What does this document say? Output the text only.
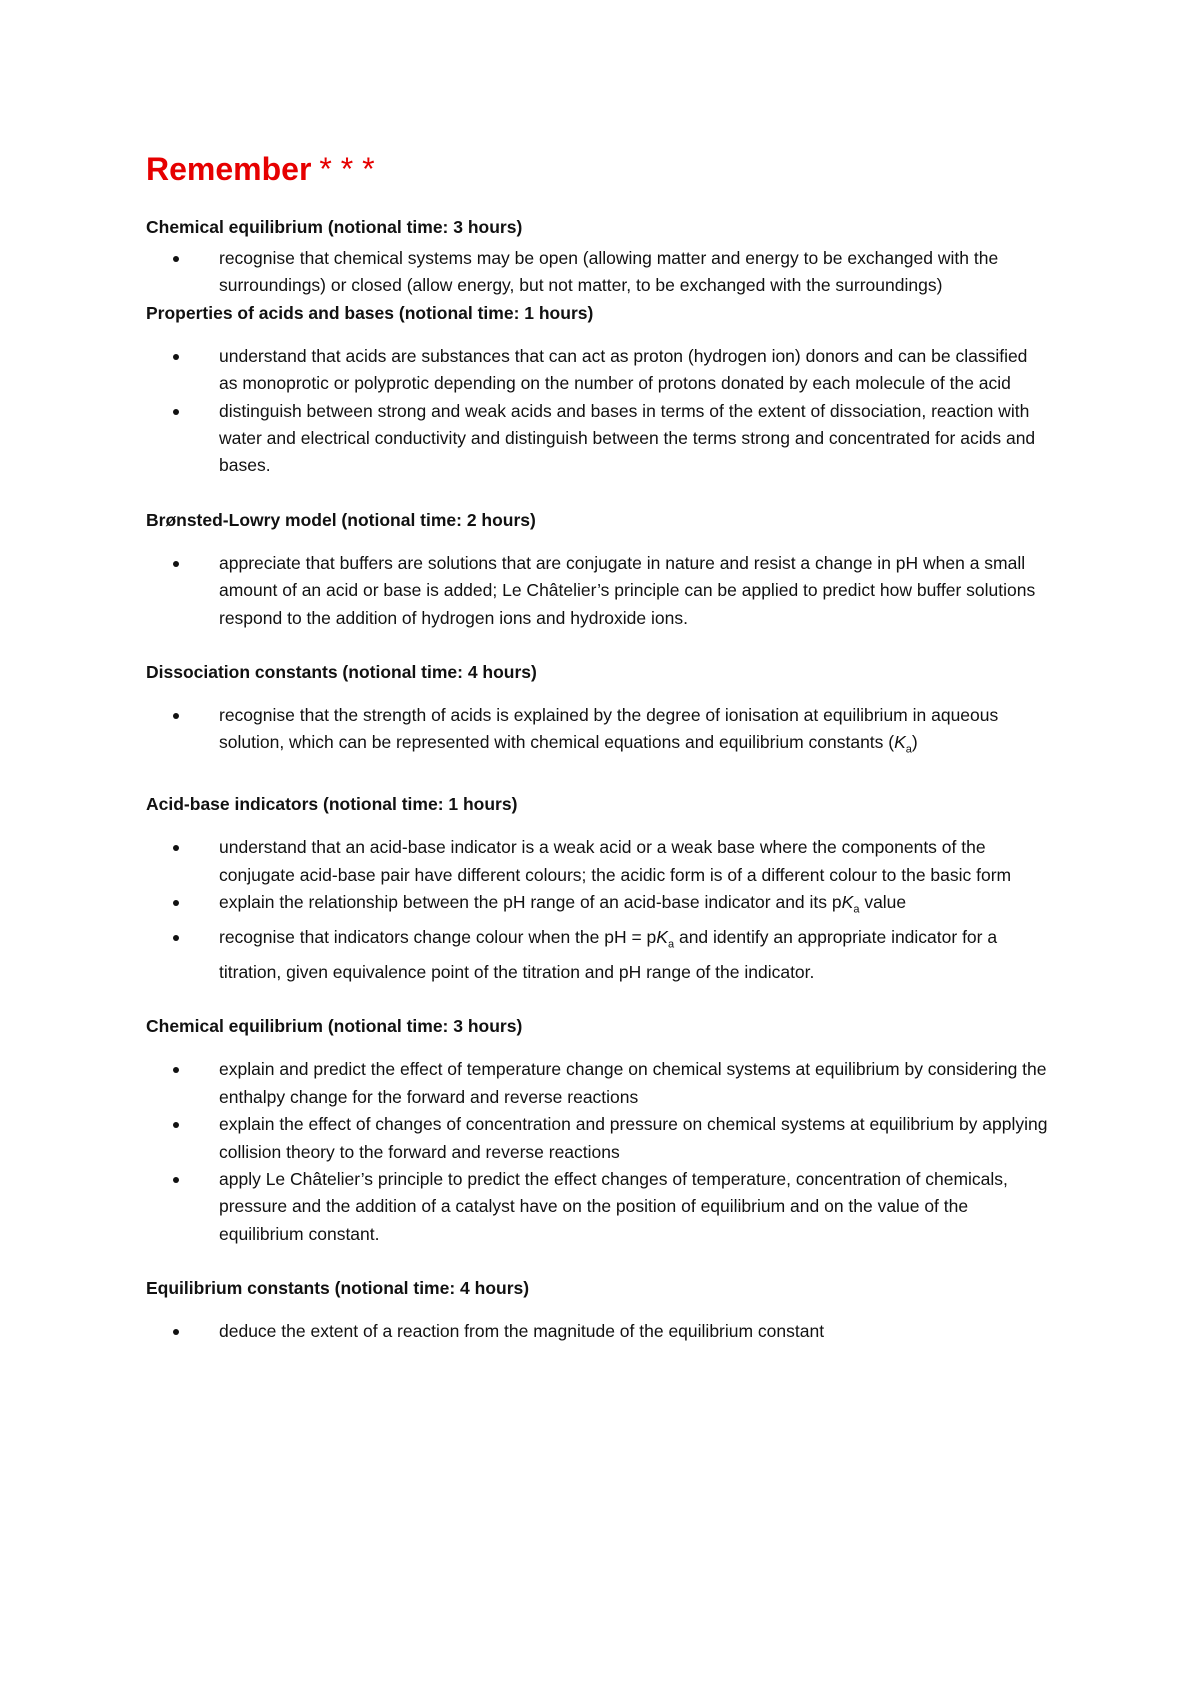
Remember * * *
Chemical equilibrium (notional time: 3 hours)
recognise that chemical systems may be open (allowing matter and energy to be exchanged with the surroundings) or closed (allow energy, but not matter, to be exchanged with the surroundings)
Properties of acids and bases (notional time: 1 hours)
understand that acids are substances that can act as proton (hydrogen ion) donors and can be classified as monoprotic or polyprotic depending on the number of protons donated by each molecule of the acid
distinguish between strong and weak acids and bases in terms of the extent of dissociation, reaction with water and electrical conductivity and distinguish between the terms strong and concentrated for acids and bases.
Brønsted-Lowry model (notional time: 2 hours)
appreciate that buffers are solutions that are conjugate in nature and resist a change in pH when a small amount of an acid or base is added; Le Châtelier’s principle can be applied to predict how buffer solutions respond to the addition of hydrogen ions and hydroxide ions.
Dissociation constants (notional time: 4 hours)
recognise that the strength of acids is explained by the degree of ionisation at equilibrium in aqueous solution, which can be represented with chemical equations and equilibrium constants $(K_a)$
Acid-base indicators (notional time: 1 hours)
understand that an acid-base indicator is a weak acid or a weak base where the components of the conjugate acid-base pair have different colours; the acidic form is of a different colour to the basic form
explain the relationship between the pH range of an acid-base indicator and its $pK_a$ value
recognise that indicators change colour when the pH = $pK_a$ and identify an appropriate indicator for a titration, given equivalence point of the titration and pH range of the indicator.
Chemical equilibrium (notional time: 3 hours)
explain and predict the effect of temperature change on chemical systems at equilibrium by considering the enthalpy change for the forward and reverse reactions
explain the effect of changes of concentration and pressure on chemical systems at equilibrium by applying collision theory to the forward and reverse reactions
apply Le Châtelier’s principle to predict the effect changes of temperature, concentration of chemicals, pressure and the addition of a catalyst have on the position of equilibrium and on the value of the equilibrium constant.
Equilibrium constants (notional time: 4 hours)
deduce the extent of a reaction from the magnitude of the equilibrium constant
